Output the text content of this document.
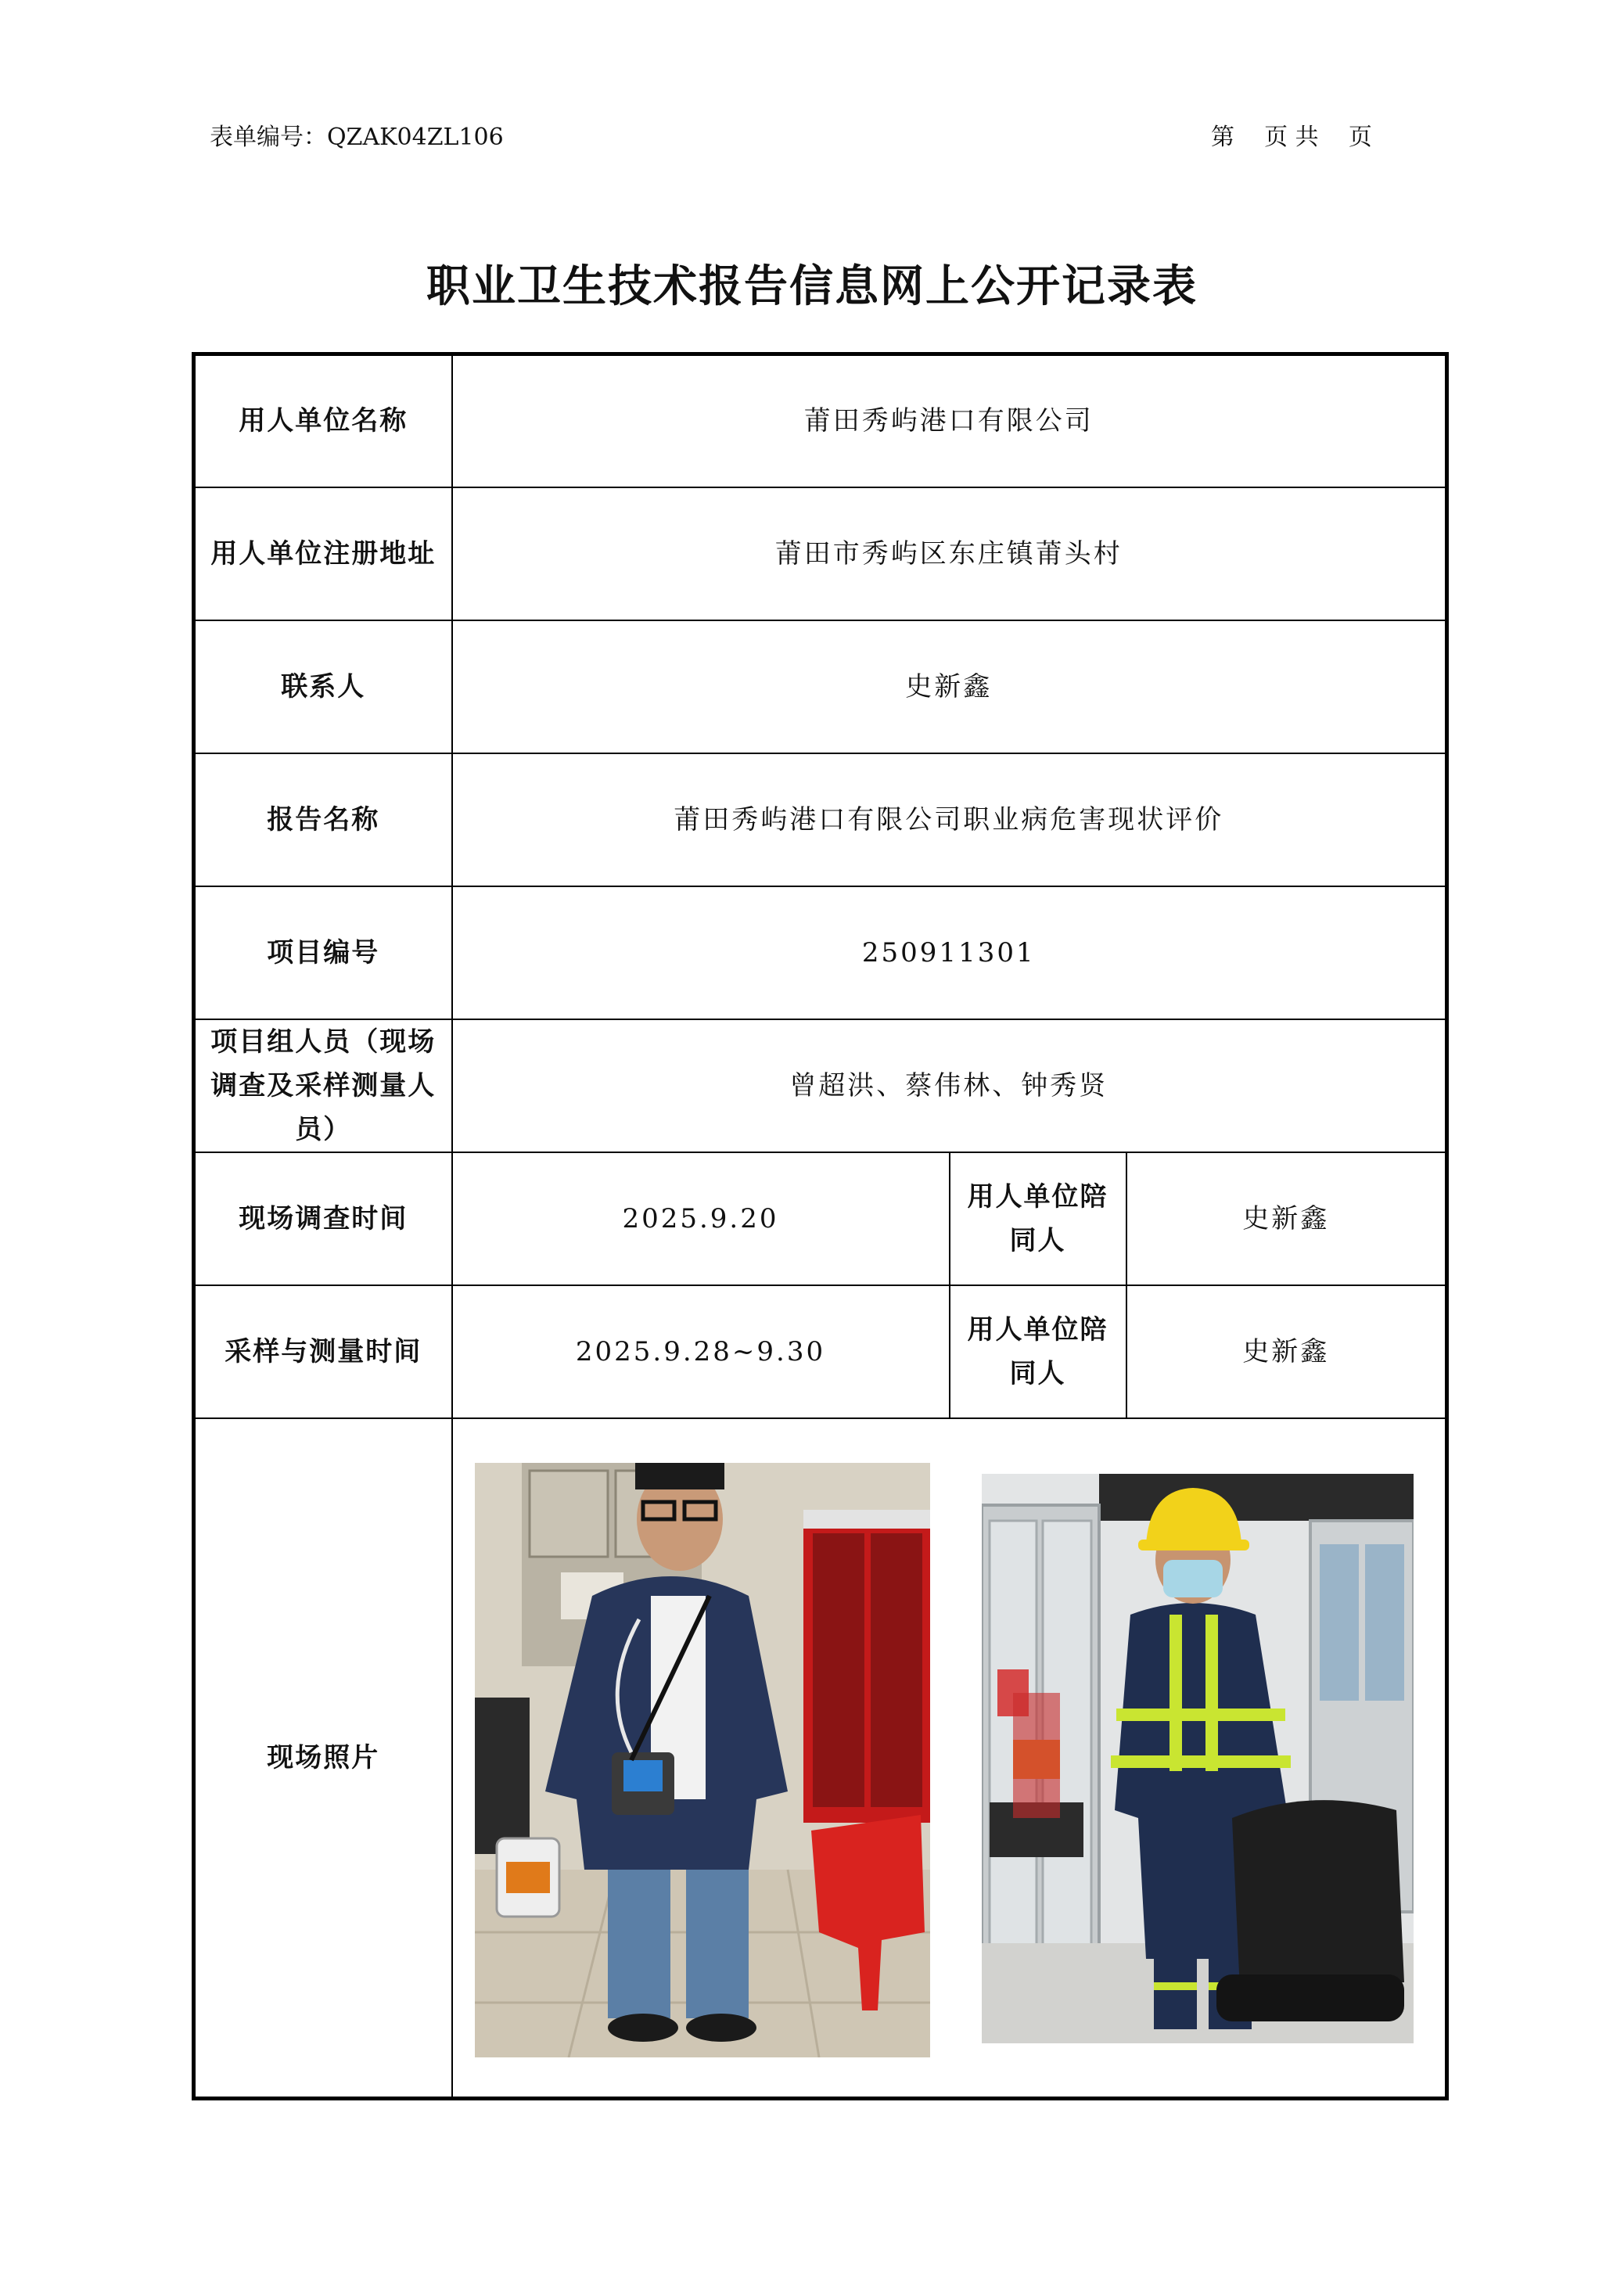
表单编号：QZAK04ZL106	第    页 共    页
职业卫生技术报告信息网上公开记录表
用人单位名称	莆田秀屿港口有限公司		
用人单位注册地址	莆田市秀屿区东庄镇莆头村		
联系人	史新鑫		
报告名称	莆田秀屿港口有限公司职业病危害现状评价		
项目编号	250911301		
项目组人员（现场调查及采样测量人员）	曾超洪、蔡伟林、钟秀贤		
现场调查时间	2025.9.20	用人单位陪同人	史新鑫
采样与测量时间	2025.9.28~9.30	用人单位陪同人	史新鑫
现场照片	
